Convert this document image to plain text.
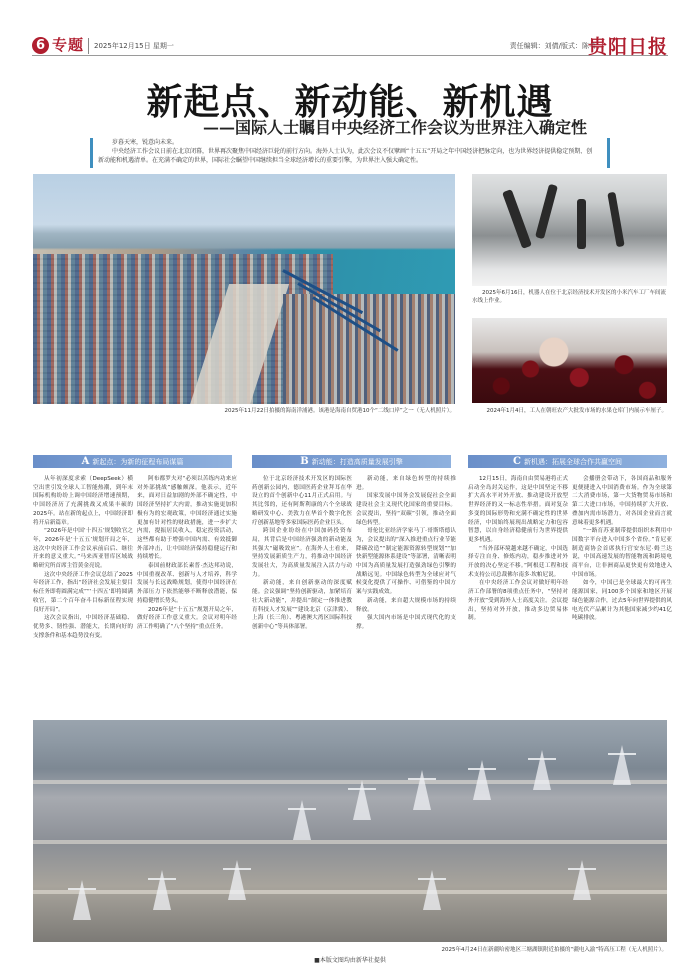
6 专题 2025年12月15日 星期一	责任编辑：刘倩/版式：陈苇
贵阳日报
新起点、新动能、新机遇
——国际人士瞩目中央经济工作会议为世界注入确定性

岁暮天寒，锐意向未来。

中央经济工作会议日前在北京闭幕，世界再次聚焦中国经济巨轮的前行方向。海外人士认为，此次会议不仅擘画“十五五”开局之年中国经济把脉定向，也为世界经济提供稳定预期、创新动能和机遇清单。在充满不确定的世界，国际社会瞩望中国继续担当全球经济增长的重要引擎，为世界注入强大确定性。

2025年11月22日拍摄的海南洋浦港。该港是海南自贸港10个“二线口岸”之一（无人机照片）。
2025年6月16日，机器人在位于北京经济技术开发区的小米汽车工厂车间流水线上作业。
2024年1月4日，工人在朝旺农产大批发市场的水果仓库门内展示车厘子。
A 新起点：为新的征程布局谋篇	B 新动能：打造高质量发展引擎	C 新机遇：拓展全球合作共赢空间

从年初深度求索（DeepSeek）横空出世引发全球人工智能热潮，到年末国际机构纷纷上调中国经济增速预期，中国经济历了充满挑战又成果丰硕的2025年。站在新的起点上，中国经济即将开启新篇章。

“2026年是中国‘十四五’规划收官之年，2026年是‘十五五’规划开局之年，这次中央经济工作会议承前启后、继往开来的意义重大。”马来西亚智库区域战略研究所首席主管黄金亮说。

这次中央经济工作会议总结了2025年经济工作，指出“经济社会发展主要目标任务即将圆满完成”“‘十四五’即将圆满收官，第二个百年奋斗目标新征程实现良好开局”。

这次会议指出，中国经济基础稳、优势多、韧性强、潜能大，长期向好的支撑条件和基本趋势没有变。

阿布都罗夫对“必须以苦练内功来应对外部挑战”感触颇深。他表示，近年来，面对日益加剧的外部不确定性，中国经济坚持扩大内需，推动实施更加积极有为的宏观政策，中国经济通过实施更加有针对性的财政措施，进一步扩大内需，提振居民收入，稳定投资活动，这些都有助于增强中国内需、有效抵御外部冲击，让中国经济保持稳健运行和持续增长。

泰国前财政部长素普·杰达邦功说，中国重视改革、创新与人才培养，科学发展与长远战略规划，使得中国经济在外部压力下依然能够不断释放潜能，保持稳健增长势头。

2026年是“十五五”规划开局之年，做好经济工作意义重大。会议对明年经济工作明确了“八个坚持”重点任务。

位于北京经济技术开发区的国际医药创新公园内，德国医药企业拜耳在华设立的首个创新中心11月正式启用。与其比邻的，还有阿斯利康的六个全球战略研发中心、美敦力在华首个数字化医疗创新基地等多家国际医药企业巨头。

跨国企业纷纷在中国加码投资布局，其背后是中国经济强劲的新动能及其强大“磁吸效应”。在海外人士看来，坚持发展新质生产力，将推动中国经济发展壮大，为高质量发展注入活力与动力。

新动能，来自创新驱动的深度赋能。会议强调“坚持创新驱动，加紧培育壮大新动能”，并提出“制定一体推进教育科技人才发展”“建设北京（京津冀）、上海（长三角）、粤港澳大湾区国际科技创新中心”等具体部署。

新动能，来自绿色转型的持续推进。

国家发展中国务会发展促社会全面建设社会主义现代化国家的重要目标。会议提出，坚持“双碳”引领，推动全面绿色转型。

哥伦比亚经济学家马丁·哥斯塔德认为，会议提出的“深入推进重点行业节能降碳改造”“制定能源资源转型规划”“加快新型能源体系建设”等部署，清晰表明中国为高质量发展打造强劲绿色引擎的战略远见。中国绿色转型为全球应对气候变化提供了可操作、可借鉴的中国方案与实践成效。

新动能，来自超大规模市场的持续释放。

强大国内市场是中国式现代化的支撑。

12月15日，海南自由贸易港将正式启动全岛封关运作，这是中国坚定不移扩大高水平对外开放、推动建设开放型世界经济的又一标志性举措。面对复杂多变的国际形势和充满不确定性的世界经济，中国始终展现出战略定力和包容智慧，以自身经济稳健前行为世界提供更多机遇。

“当外部环境越来越不确定，中国选择专注自身、修炼内功，稳步推进对外开放的决心坚定不移。”阿根廷工程和技术支持公司总裁佛尔南多·坎帕尼说。

在中央经济工作会议对做好明年经济工作部署的8项重点任务中，“坚持对外开放”受到海外人士高度关注。会议提出，坚持对外开放，推动多边贸易体制。

会播册会带动下，各国商品和服务更便捷进入中国消费市场。作为全球第二大消费市场，第一大货物贸易市场和第二大进口市场，中国持续扩大开放、叠加内需市场潜力，对各国企业而言就意味着更多机遇。

“一路育苏亚制带提供组织本利用中国数字平台进入中国多个省份。”肯尼亚制造商协会首席执行官安东尼·姆兰达说，中国高速发展的智能物流和跨境电商平台，让非洲商品更快更有效地进入中国市场。

如今，中国已是全球最大的可再生能源国家，同100多个国家和地区开展绿色能源合作，过去5年向世界提供的风电光伏产品累计为其他国家减少约41亿吨碳排放。

2025年4月24日在新疆哈密地区三塘湖镇附近拍摄的“疆电入渝”特高压工程（无人机照片）。
■本版文图均由新华社提供
